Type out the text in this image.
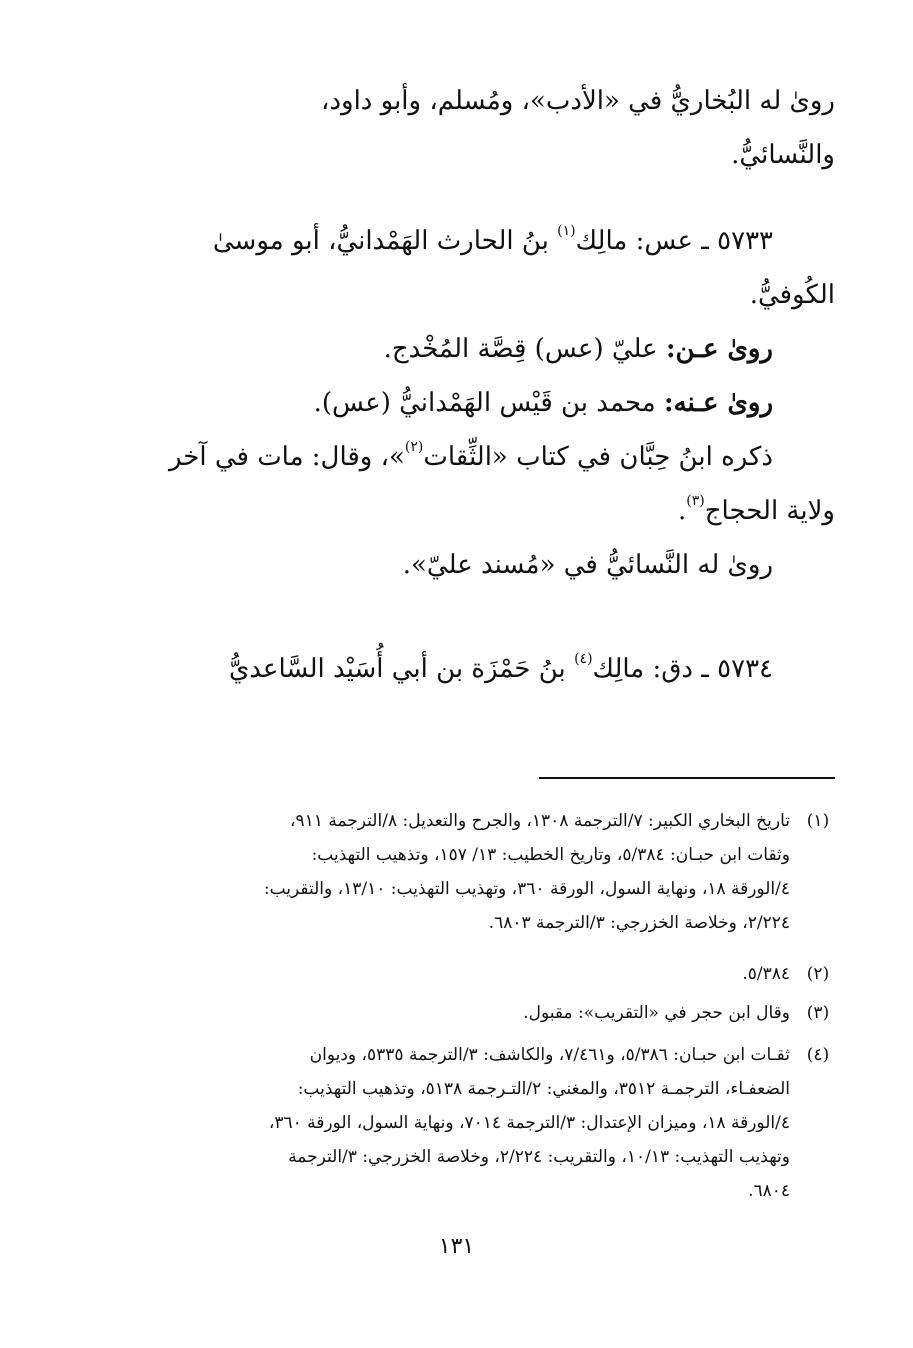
روىٰ له البُخاريُّ في «الأدب»، ومُسلم، وأبو داود،
والنَّسائيُّ.
٥٧٣٣ ـ عس: مالِك$^{(١)}$ بنُ الحارث الهَمْدانيُّ، أبو موسىٰ
الكُوفيُّ.
روىٰ عـن: عليّ (عس) قِصَّة المُخْدج.
روىٰ عـنه: محمد بن قَيْس الهَمْدانيُّ (عس).
ذكره ابنُ حِبَّان في كتاب «الثِّقات$^{(٢)}$»، وقال: مات في آخر
ولاية الحجاج$^{(٣)}$.
روىٰ له النَّسائيُّ في «مُسند عليّ».
٥٧٣٤ ـ دق: مالِك$^{(٤)}$ بنُ حَمْزَة بن أبي أُسَيْد السَّاعديُّ
(١)
تاريخ البخاري الكبير: ٧/الترجمة ١٣٠٨، والجرح والتعديل: ٨/الترجمة ٩١١،
وثقات ابن حبـان: ٥/٣٨٤، وتاريخ الخطيب: ١٣/ ١٥٧، وتذهيب التهذيب:
٤/الورقة ١٨، ونهاية السول، الورقة ٣٦٠، وتهذيب التهذيب: ١٣/١٠، والتقريب:
٢/٢٢٤، وخلاصة الخزرجي: ٣/الترجمة ٦٨٠٣.
(٢)
٥/٣٨٤.
(٣)
وقال ابن حجر في «التقريب»: مقبول.
(٤)
ثقـات ابن حبـان: ٥/٣٨٦، و٧/٤٦١، والكاشف: ٣/الترجمة ٥٣٣٥، وديوان
الضعفـاء، الترجمـة ٣٥١٢، والمغني: ٢/التـرجمة ٥١٣٨، وتذهيب التهذيب:
٤/الورقة ١٨، وميزان الإعتدال: ٣/الترجمة ٧٠١٤، ونهاية السول، الورقة ٣٦٠،
وتهذيب التهذيب: ١٠/١٣، والتقريب: ٢/٢٢٤، وخلاصة الخزرجي: ٣/الترجمة
٦٨٠٤.
١٣١
